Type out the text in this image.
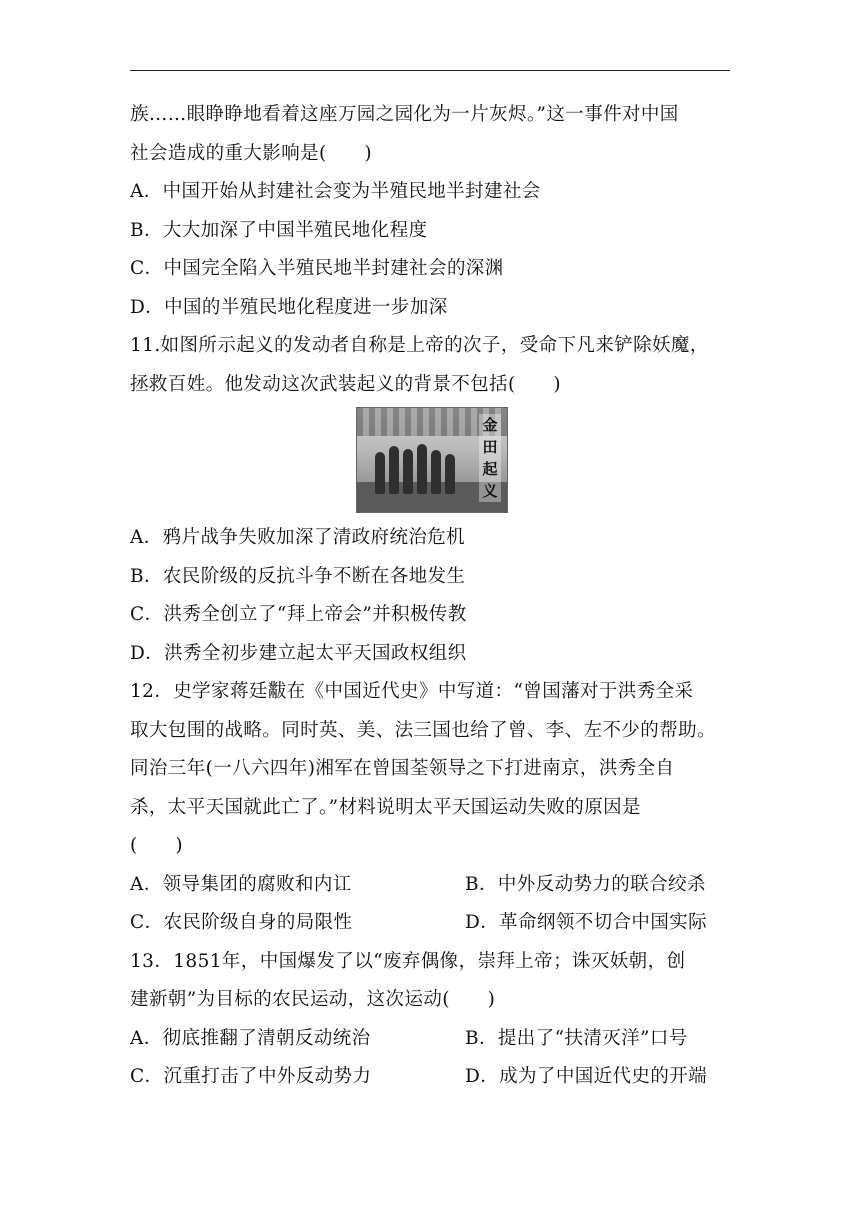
族……眼睁睁地看着这座万园之园化为一片灰烬。”这一事件对中国
社会造成的重大影响是(　　)
A．中国开始从封建社会变为半殖民地半封建社会
B．大大加深了中国半殖民地化程度
C．中国完全陷入半殖民地半封建社会的深渊
D．中国的半殖民地化程度进一步加深
11.如图所示起义的发动者自称是上帝的次子，受命下凡来铲除妖魔，
拯救百姓。他发动这次武装起义的背景不包括(　　)
金田起义
A．鸦片战争失败加深了清政府统治危机
B．农民阶级的反抗斗争不断在各地发生
C．洪秀全创立了“拜上帝会”并积极传教
D．洪秀全初步建立起太平天国政权组织
12．史学家蒋廷黻在《中国近代史》中写道：“曾国藩对于洪秀全采
取大包围的战略。同时英、美、法三国也给了曾、李、左不少的帮助。
同治三年(一八六四年)湘军在曾国荃领导之下打进南京，洪秀全自
杀，太平天国就此亡了。”材料说明太平天国运动失败的原因是
(　　)
A．领导集团的腐败和内讧	B．中外反动势力的联合绞杀
C．农民阶级自身的局限性	D．革命纲领不切合中国实际
13．1851年，中国爆发了以“废弃偶像，崇拜上帝；诛灭妖朝，创
建新朝”为目标的农民运动，这次运动(　　)
A．彻底推翻了清朝反动统治	B．提出了“扶清灭洋”口号
C．沉重打击了中外反动势力	D．成为了中国近代史的开端
